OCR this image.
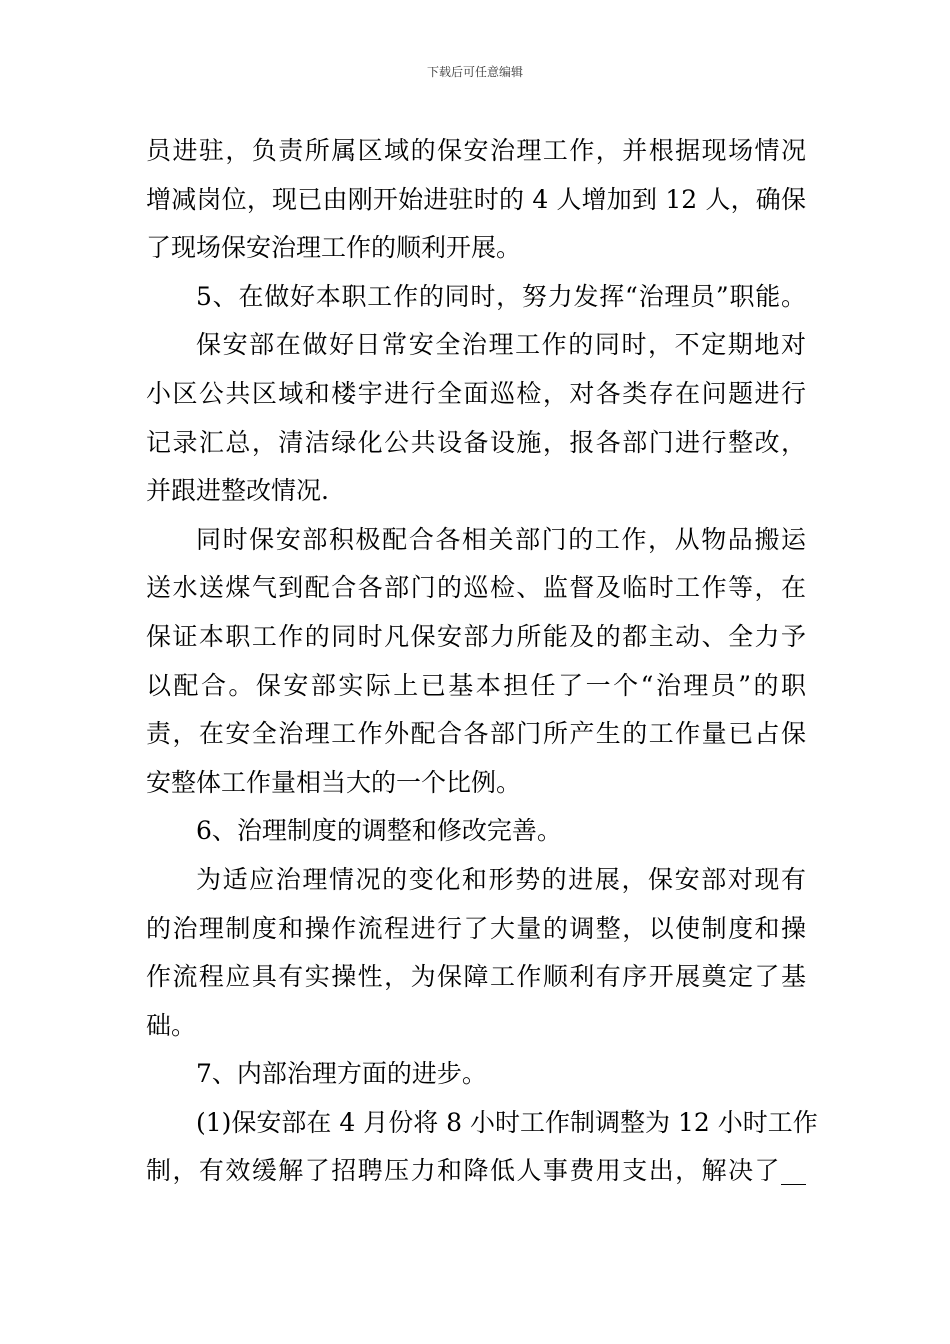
下载后可任意编辑
员进驻，负责所属区域的保安治理工作，并根据现场情况
增减岗位，现已由刚开始进驻时的 4 人增加到 12 人，确保
了现场保安治理工作的顺利开展。
5、在做好本职工作的同时，努力发挥“治理员”职能。
保安部在做好日常安全治理工作的同时，不定期地对
小区公共区域和楼宇进行全面巡检，对各类存在问题进行
记录汇总，清洁绿化公共设备设施，报各部门进行整改，
并跟进整改情况.
同时保安部积极配合各相关部门的工作，从物品搬运
送水送煤气到配合各部门的巡检、监督及临时工作等，在
保证本职工作的同时凡保安部力所能及的都主动、全力予
以配合。保安部实际上已基本担任了一个“治理员”的职
责，在安全治理工作外配合各部门所产生的工作量已占保
安整体工作量相当大的一个比例。
6、治理制度的调整和修改完善。
为适应治理情况的变化和形势的进展，保安部对现有
的治理制度和操作流程进行了大量的调整，以使制度和操
作流程应具有实操性，为保障工作顺利有序开展奠定了基
础。
7、内部治理方面的进步。
(1)保安部在 4 月份将 8 小时工作制调整为 12 小时工作
制，有效缓解了招聘压力和降低人事费用支出，解决了__
